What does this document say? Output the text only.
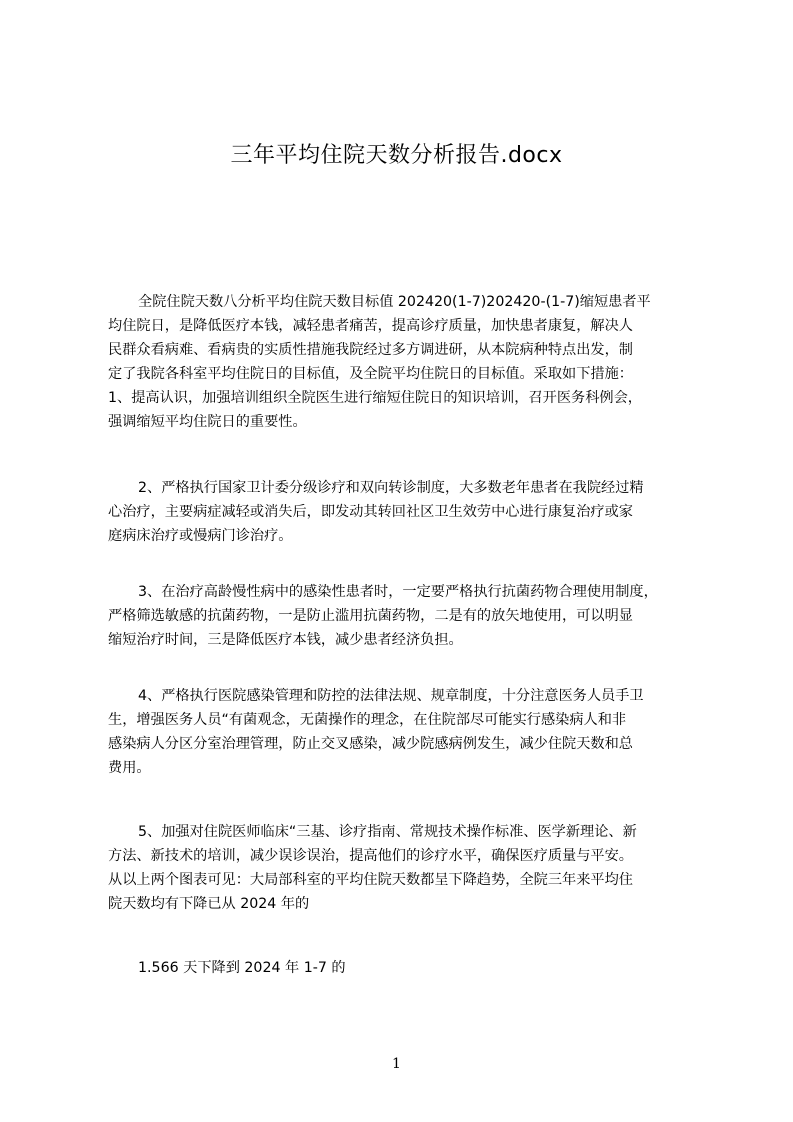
三年平均住院天数分析报告.docx
全院住院天数八分析平均住院天数目标值 202420(1-7)202420-(1-7)缩短患者平
均住院日，是降低医疗本钱，减轻患者痛苦，提高诊疗质量，加快患者康复，解决人
民群众看病难、看病贵的实质性措施我院经过多方调进研，从本院病种特点出发，制
定了我院各科室平均住院日的目标值，及全院平均住院日的目标值。采取如下措施：
1、提高认识，加强培训组织全院医生进行缩短住院日的知识培训，召开医务科例会，
强调缩短平均住院日的重要性。
2、严格执行国家卫计委分级诊疗和双向转诊制度，大多数老年患者在我院经过精
心治疗，主要病症减轻或消失后，即发动其转回社区卫生效劳中心进行康复治疗或家
庭病床治疗或慢病门诊治疗。
3、在治疗高龄慢性病中的感染性患者时，一定要严格执行抗菌药物合理使用制度，
严格筛选敏感的抗菌药物，一是防止滥用抗菌药物，二是有的放矢地使用，可以明显
缩短治疗时间，三是降低医疗本钱，减少患者经济负担。
4、严格执行医院感染管理和防控的法律法规、规章制度，十分注意医务人员手卫
生，增强医务人员“有菌观念，无菌操作的理念，在住院部尽可能实行感染病人和非
感染病人分区分室治理管理，防止交叉感染，减少院感病例发生，减少住院天数和总
费用。
5、加强对住院医师临床“三基、诊疗指南、常规技术操作标准、医学新理论、新
方法、新技术的培训，减少误诊误治，提高他们的诊疗水平，确保医疗质量与平安。
从以上两个图表可见：大局部科室的平均住院天数都呈下降趋势，全院三年来平均住
院天数均有下降已从 2024 年的
1.566 天下降到 2024 年 1-7 的
1
